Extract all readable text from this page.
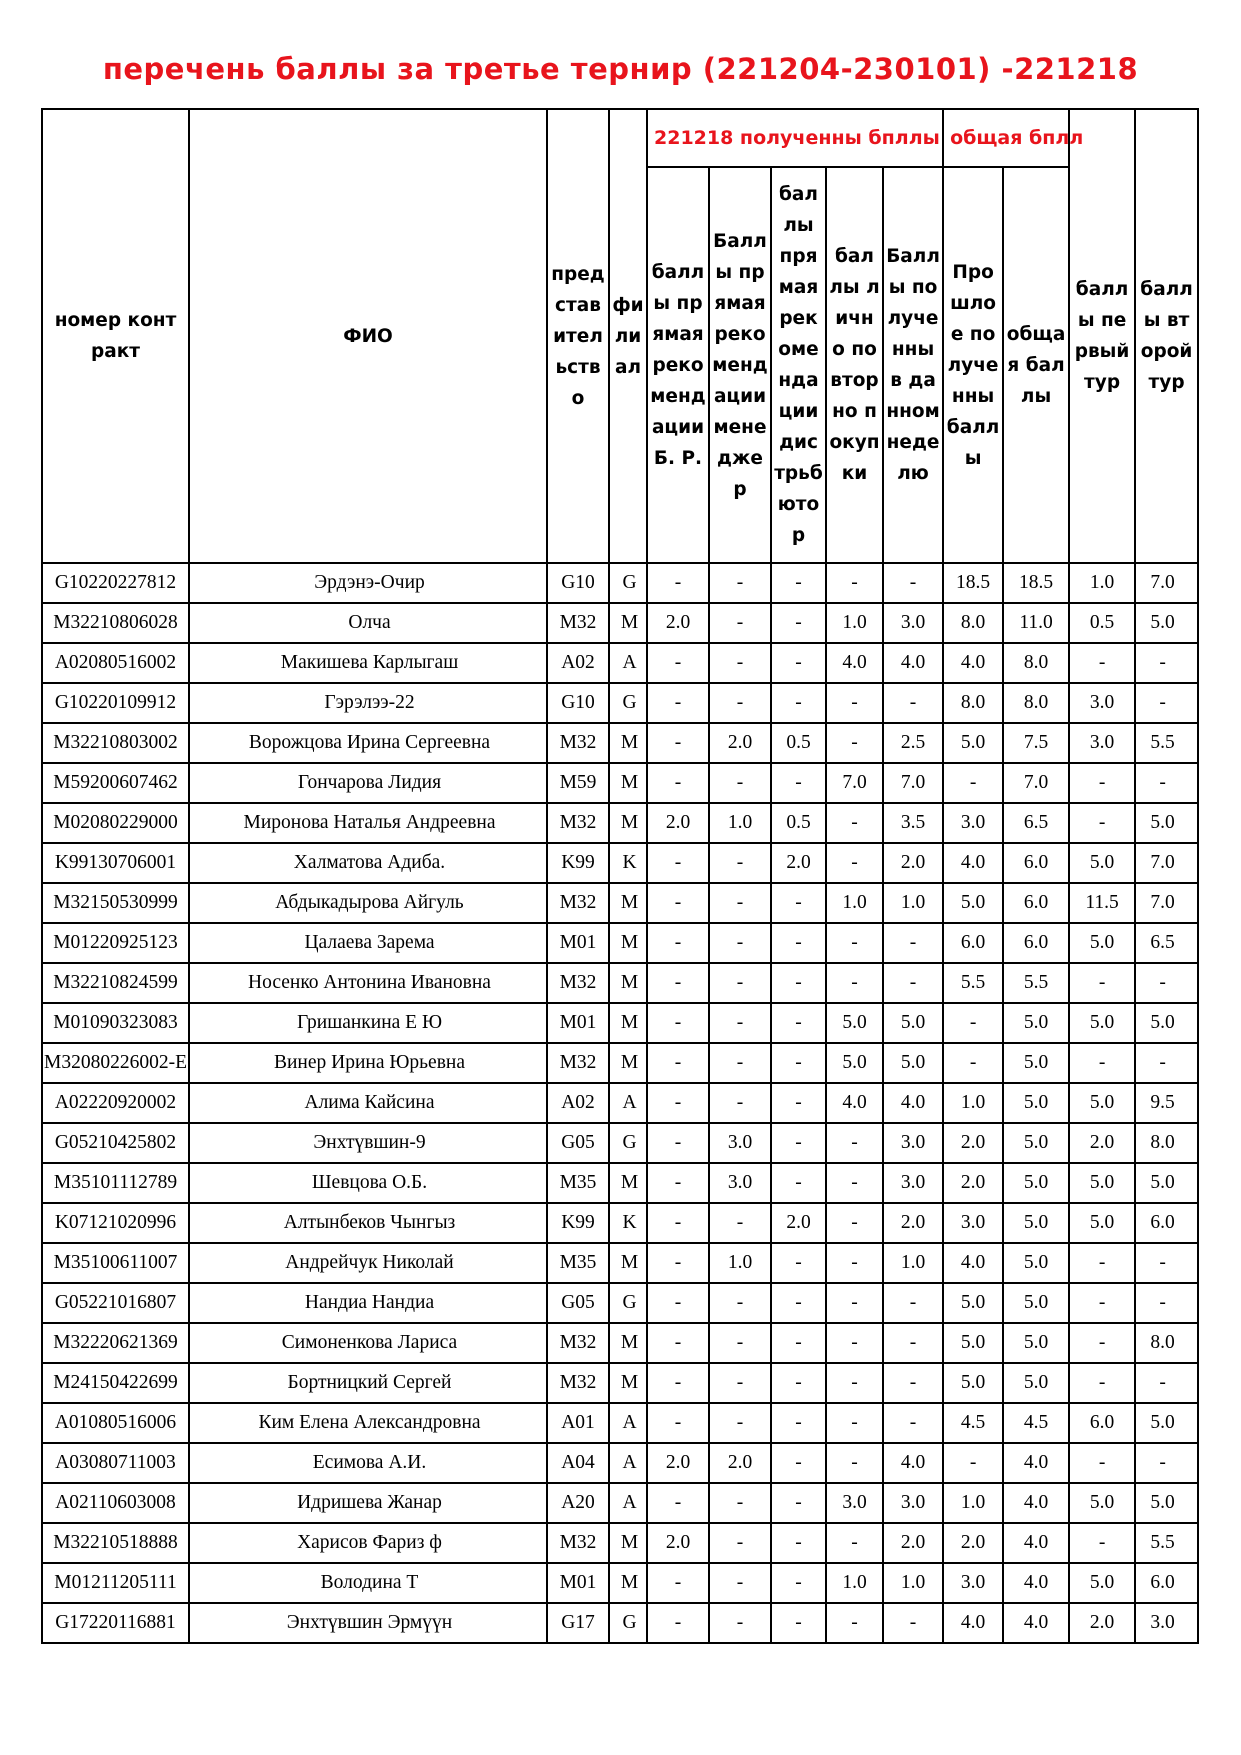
перечень баллы за третье тернир (221204-230101) -221218
номер контракт	ФИО	представительство	филиал	221218 полученны бпллы					общая бплл		баллы первый тур	баллы второй тур
				баллы прямая рекомендации Б. Р.	Баллы прямая рекомендации менеджер	баллы прямая рекомендации дистрьбютор	баллы лично повторно покупки	Баллы полученны в данном неделю	Прошлое полученны баллы	общая баллы		
G10220227812	Эрдэнэ-Очир	G10	G	-	-	-	-	-	18.5	18.5	1.0	7.0
M32210806028	Олча	M32	M	2.0	-	-	1.0	3.0	8.0	11.0	0.5	5.0
A02080516002	Макишева Карлыгаш	A02	A	-	-	-	4.0	4.0	4.0	8.0	-	-
G10220109912	Гэрэлээ-22	G10	G	-	-	-	-	-	8.0	8.0	3.0	-
M32210803002	Ворожцова Ирина Сергеевна	M32	M	-	2.0	0.5	-	2.5	5.0	7.5	3.0	5.5
M59200607462	Гончарова Лидия	M59	M	-	-	-	7.0	7.0	-	7.0	-	-
M02080229000	Миронова Наталья Андреевна	M32	M	2.0	1.0	0.5	-	3.5	3.0	6.5	-	5.0
K99130706001	Халматова Адиба.	K99	K	-	-	2.0	-	2.0	4.0	6.0	5.0	7.0
M32150530999	Абдыкадырова Айгуль	M32	M	-	-	-	1.0	1.0	5.0	6.0	11.5	7.0
M01220925123	Цалаева Зарема	M01	M	-	-	-	-	-	6.0	6.0	5.0	6.5
M32210824599	Носенко Антонина Ивановна	M32	M	-	-	-	-	-	5.5	5.5	-	-
M01090323083	Гришанкина Е Ю	M01	M	-	-	-	5.0	5.0	-	5.0	5.0	5.0
M32080226002-E	Винер Ирина Юрьевна	M32	M	-	-	-	5.0	5.0	-	5.0	-	-
A02220920002	Алима Кайсина	A02	A	-	-	-	4.0	4.0	1.0	5.0	5.0	9.5
G05210425802	Энхтүвшин-9	G05	G	-	3.0	-	-	3.0	2.0	5.0	2.0	8.0
M35101112789	Шевцова О.Б.	M35	M	-	3.0	-	-	3.0	2.0	5.0	5.0	5.0
K07121020996	Алтынбеков Чынгыз	K99	K	-	-	2.0	-	2.0	3.0	5.0	5.0	6.0
M35100611007	Андрейчук Николай	M35	M	-	1.0	-	-	1.0	4.0	5.0	-	-
G05221016807	Нандиа Нандиа	G05	G	-	-	-	-	-	5.0	5.0	-	-
M32220621369	Симоненкова Лариса	M32	M	-	-	-	-	-	5.0	5.0	-	8.0
M24150422699	Бортницкий Сергей	M32	M	-	-	-	-	-	5.0	5.0	-	-
A01080516006	Ким Елена Александровна	A01	A	-	-	-	-	-	4.5	4.5	6.0	5.0
A03080711003	Есимова А.И.	A04	A	2.0	2.0	-	-	4.0	-	4.0	-	-
A02110603008	Идришева Жанар	A20	A	-	-	-	3.0	3.0	1.0	4.0	5.0	5.0
M32210518888	Харисов Фариз ф	M32	M	2.0	-	-	-	2.0	2.0	4.0	-	5.5
M01211205111	Володина Т	M01	M	-	-	-	1.0	1.0	3.0	4.0	5.0	6.0
G17220116881	Энхтүвшин Эрмүүн	G17	G	-	-	-	-	-	4.0	4.0	2.0	3.0
